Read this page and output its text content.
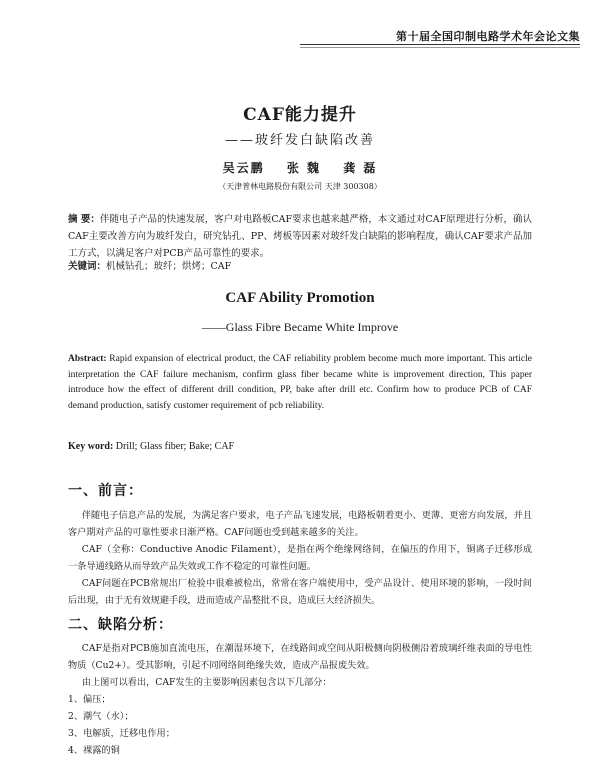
第十届全国印制电路学术年会论文集
CAF能力提升
——玻纤发白缺陷改善
吴云鹏 张 魏 龚 磊
（天津普林电路股份有限公司 天津 300308）
摘 要：伴随电子产品的快速发展，客户对电路板CAF要求也越来越严格，本文通过对CAF原理进行分析，确认CAF主要改善方向为玻纤发白，研究钻孔、PP、烤板等因素对玻纤发白缺陷的影响程度，确认CAF要求产品加工方式，以满足客户对PCB产品可靠性的要求。
关键词：机械钻孔；玻纤；烘烤；CAF
CAF Ability Promotion
——Glass Fibre Became White Improve
Abstract: Rapid expansion of electrical product, the CAF reliability problem become much more important. This article interpretation the CAF failure mechanism, confirm glass fiber became white is improvement direction, This paper introduce how the effect of different drill condition, PP, bake after drill etc. Confirm how to produce PCB of CAF demand production, satisfy customer requirement of pcb reliability.
Key word: Drill; Glass fiber; Bake; CAF
一、前言：

伴随电子信息产品的发展，为满足客户要求，电子产品飞速发展，电路板朝着更小、更薄、更密方向发展，并且客户期对产品的可靠性要求日渐严格。CAF问题也受到越来越多的关注。

CAF（全称：Conductive Anodic Filament），是指在两个绝缘网络间，在偏压的作用下，铜离子迁移形成一条导通线路从而导致产品失效或工作不稳定的可靠性问题。

CAF问题在PCB常规出厂检验中很难被检出，常常在客户端使用中，受产品设计、使用环境的影响，一段时间后出现，由于无有效规避手段，进而造成产品整批不良，造成巨大经济损失。

二、缺陷分析：

CAF是指对PCB施加直流电压，在潮湿环境下，在线路间或空间从阳极侧向阴极侧沿着玻璃纤维表面的导电性物质（Cu2+）。受其影响，引起不同网络间绝缘失效，造成产品报废失效。

由上图可以看出，CAF发生的主要影响因素包含以下几部分：

1、偏压；

2、潮气（水）；

3、电解质，迁移电作用；

4、裸露的铜
